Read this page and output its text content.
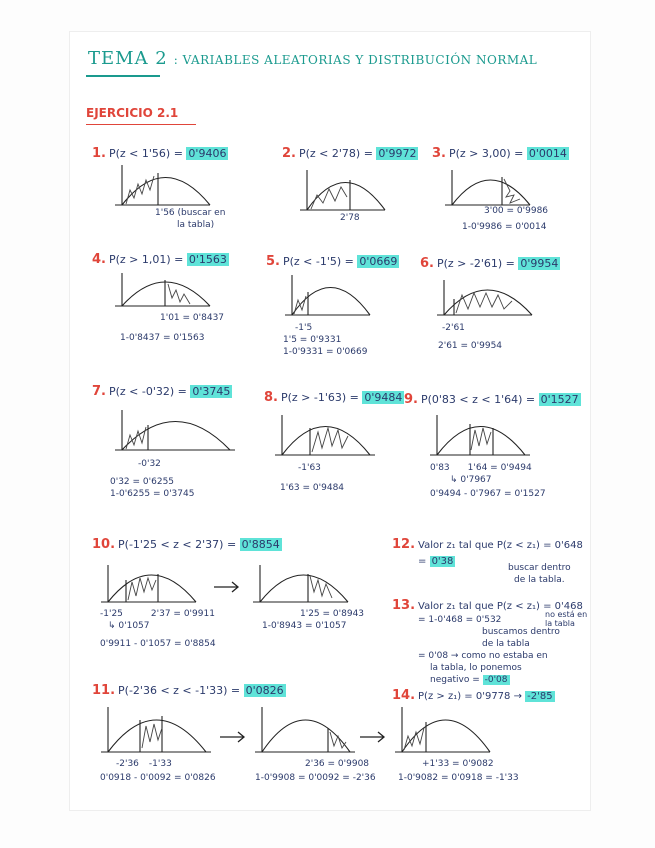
TEMA 2 : VARIABLES ALEATORIAS Y DISTRIBUCIÓN NORMAL
EJERCICIO 2.1
1. P(z < 1'56) = 0'9406
1'56 (buscar en
la tabla)
2. P(z < 2'78) = 0'9972
2'78
3. P(z > 3,00) = 0'0014
3'00 = 0'9986
1-0'9986 = 0'0014
4. P(z > 1,01) = 0'1563
1'01 = 0'8437
1-0'8437 = 0'1563
5. P(z < -1'5) = 0'0669
-1'5
1'5 = 0'9331
1-0'9331 = 0'0669
6. P(z > -2'61) = 0'9954
-2'61
2'61 = 0'9954
7. P(z < -0'32) = 0'3745
-0'32
0'32 = 0'6255
1-0'6255 = 0'3745
8. P(z > -1'63) = 0'9484
-1'63
1'63 = 0'9484
9. P(0'83 < z < 1'64) = 0'1527
0'83 1'64 = 0'9494
↳ 0'7967
0'9494 - 0'7967 = 0'1527
10. P(-1'25 < z < 2'37) = 0'8854
-1'25	2'37 = 0'9911
↳ 0'1057
0'9911 - 0'1057 = 0'8854
1'25 = 0'8943
1-0'8943 = 0'1057
11. P(-2'36 < z < -1'33) = 0'0826
-2'36 -1'33
0'0918 - 0'0092 = 0'0826
2'36 = 0'9908
1-0'9908 = 0'0092 = -2'36
+1'33 = 0'9082
1-0'9082 = 0'0918 = -1'33
12. Valor z₁ tal que P(z < z₁) = 0'648
= 0'38
buscar dentro
de la tabla.
13. Valor z₁ tal que P(z < z₁) = 0'468
= 1-0'468 = 0'532
buscamos dentro
de la tabla
= 0'08 → como no estaba en
la tabla, lo ponemos
negativo = -0'08
no está en
la tabla
14. P(z > z₁) = 0'9778 → -2'85
